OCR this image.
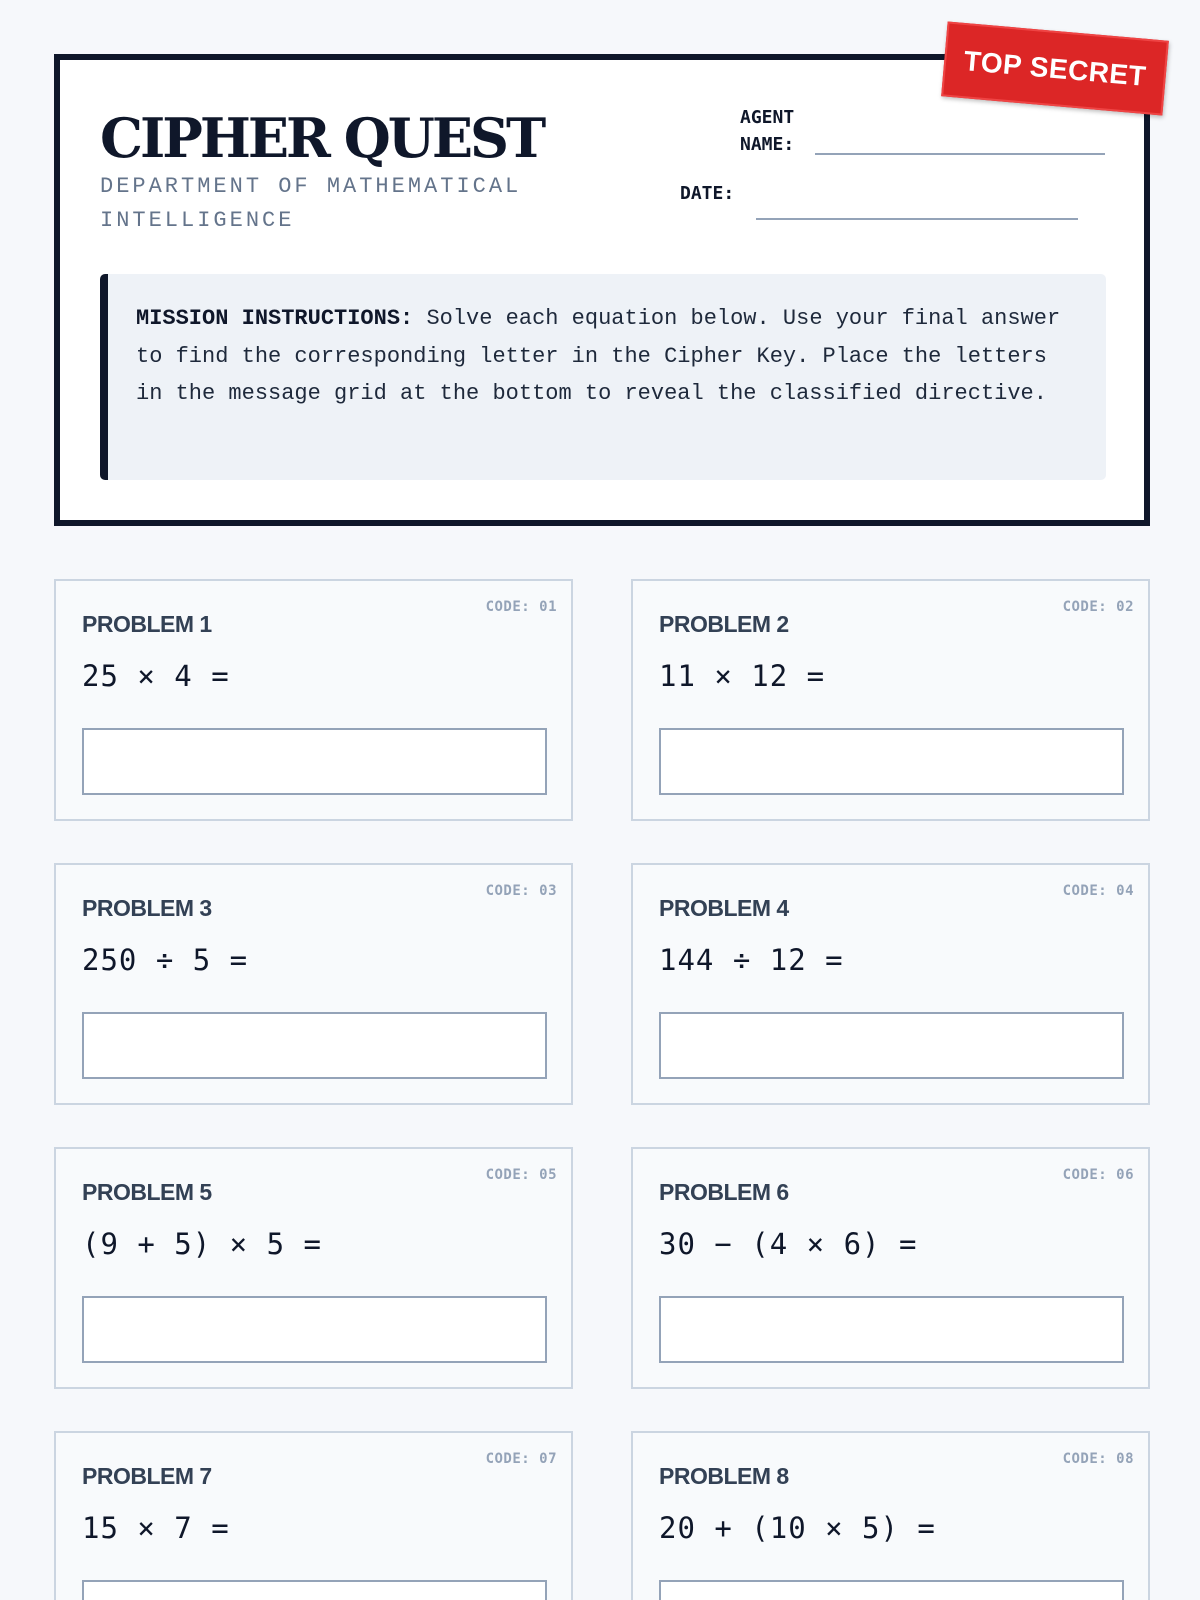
CIPHER QUEST
DEPARTMENT OF MATHEMATICAL INTELLIGENCE
AGENT NAME:
DATE:
MISSION INSTRUCTIONS: Solve each equation below. Use your final answer to find the corresponding letter in the Cipher Key. Place the letters in the message grid at the bottom to reveal the classified directive.
TOP SECRET
CODE: 01
PROBLEM 1
25 × 4 =
CODE: 02
PROBLEM 2
11 × 12 =
CODE: 03
PROBLEM 3
250 ÷ 5 =
CODE: 04
PROBLEM 4
144 ÷ 12 =
CODE: 05
PROBLEM 5
(9 + 5) × 5 =
CODE: 06
PROBLEM 6
30 − (4 × 6) =
CODE: 07
PROBLEM 7
15 × 7 =
CODE: 08
PROBLEM 8
20 + (10 × 5) =
